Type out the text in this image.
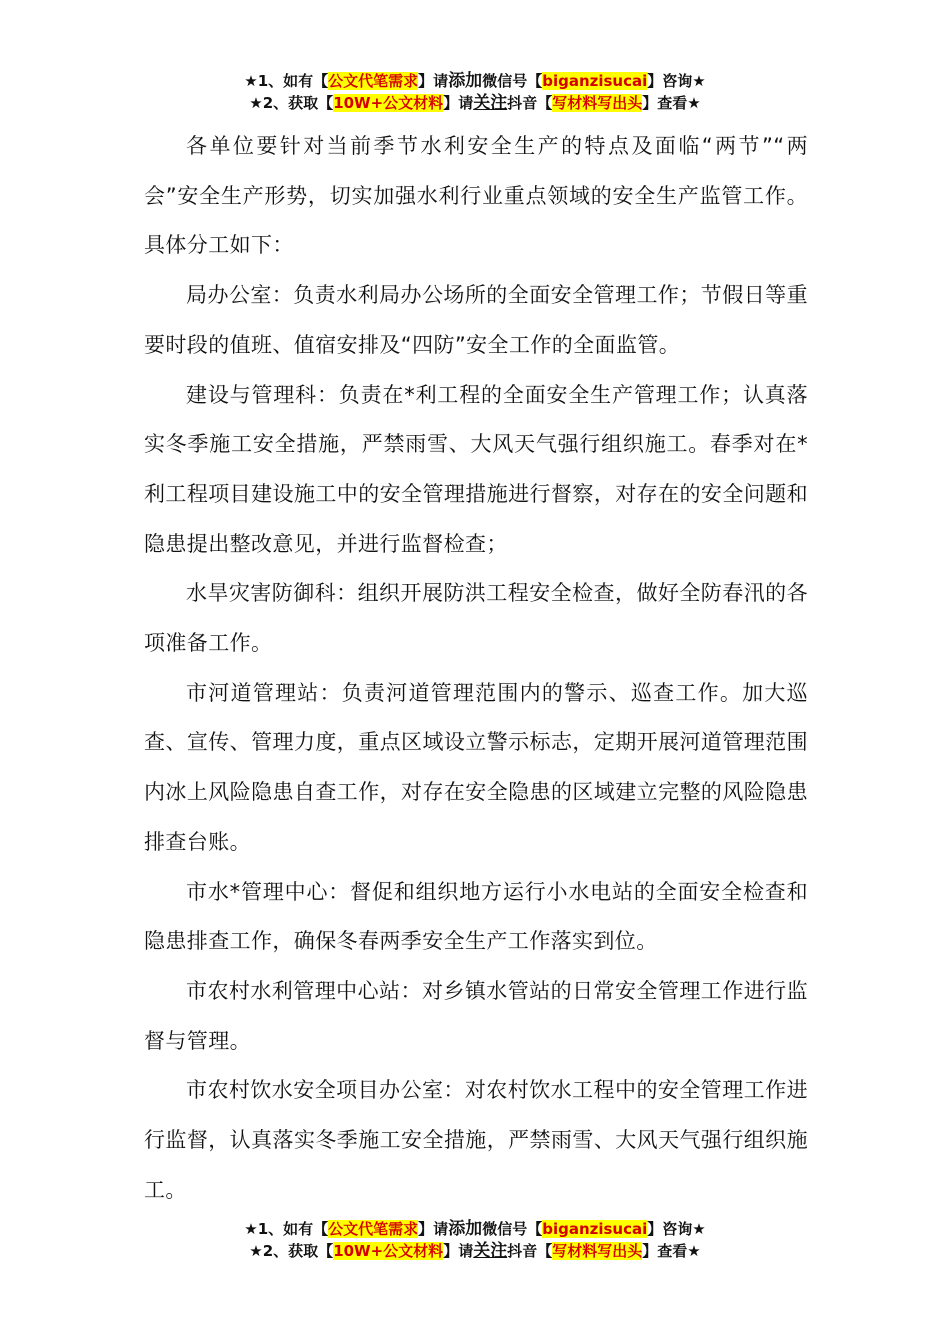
★1、如有【公文代笔需求】请添加微信号【biganzisucai】咨询★
★2、获取【10W+公文材料】请关注抖音【写材料写出头】查看★

各单位要针对当前季节水利安全生产的特点及面临“两节”“两会”安全生产形势，切实加强水利行业重点领域的安全生产监管工作。具体分工如下：

局办公室：负责水利局办公场所的全面安全管理工作；节假日等重要时段的值班、值宿安排及“四防”安全工作的全面监管。

建设与管理科：负责在*利工程的全面安全生产管理工作；认真落实冬季施工安全措施，严禁雨雪、大风天气强行组织施工。春季对在*利工程项目建设施工中的安全管理措施进行督察，对存在的安全问题和隐患提出整改意见，并进行监督检查；

水旱灾害防御科：组织开展防洪工程安全检查，做好全防春汛的各项准备工作。

市河道管理站：负责河道管理范围内的警示、巡查工作。加大巡查、宣传、管理力度，重点区域设立警示标志，定期开展河道管理范围内冰上风险隐患自查工作，对存在安全隐患的区域建立完整的风险隐患排查台账。

市水*管理中心：督促和组织地方运行小水电站的全面安全检查和隐患排查工作，确保冬春两季安全生产工作落实到位。

市农村水利管理中心站：对乡镇水管站的日常安全管理工作进行监督与管理。

市农村饮水安全项目办公室：对农村饮水工程中的安全管理工作进行监督，认真落实冬季施工安全措施，严禁雨雪、大风天气强行组织施工。

★1、如有【公文代笔需求】请添加微信号【biganzisucai】咨询★
★2、获取【10W+公文材料】请关注抖音【写材料写出头】查看★
